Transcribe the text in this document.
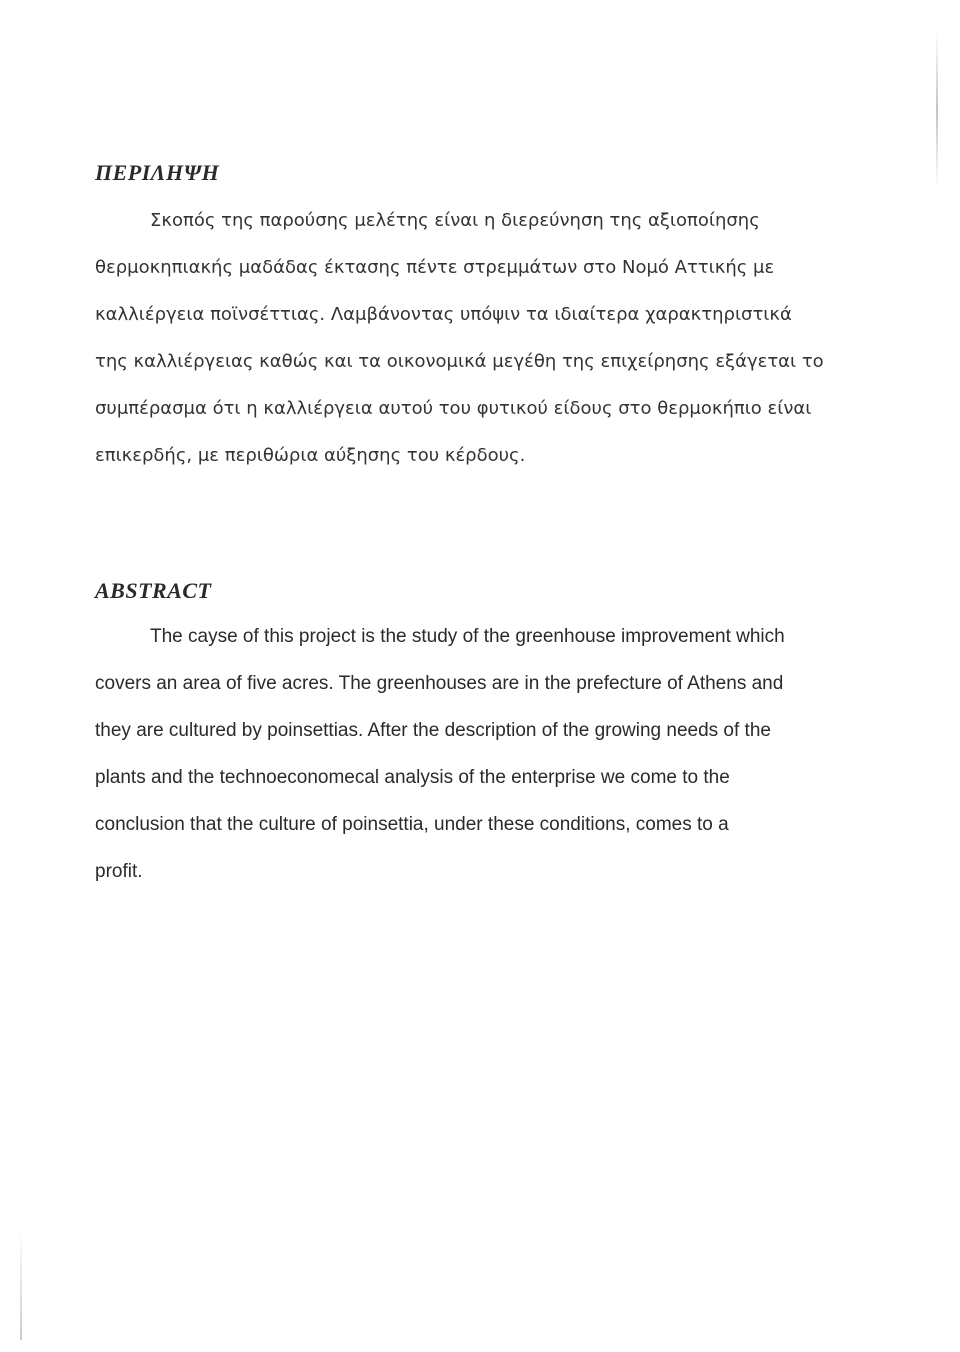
ΠΕΡΙΛΗΨΗ

Σκοπός της παρούσης μελέτης είναι η διερεύνηση της αξιοποίησης
θερμοκηπιακής μαδάδας έκτασης πέντε στρεμμάτων στο Νομό Αττικής με
καλλιέργεια ποϊνσέττιας. Λαμβάνοντας υπόψιν τα ιδιαίτερα χαρακτηριστικά
της καλλιέργειας καθώς και τα οικονομικά μεγέθη της επιχείρησης εξάγεται το
συμπέρασμα ότι η καλλιέργεια αυτού του φυτικού είδους στο θερμοκήπιο είναι
επικερδής, με περιθώρια αύξησης του κέρδους.

ABSTRACT

The cayse of this project is the study of the greenhouse improvement which
covers an area of five acres. The greenhouses are in the prefecture of Athens and
they are cultured by poinsettias. After the description of the growing needs of the
plants and the technoeconomecal analysis of the enterprise we come to the
conclusion that the culture of poinsettia, under these conditions, comes to a
profit.
